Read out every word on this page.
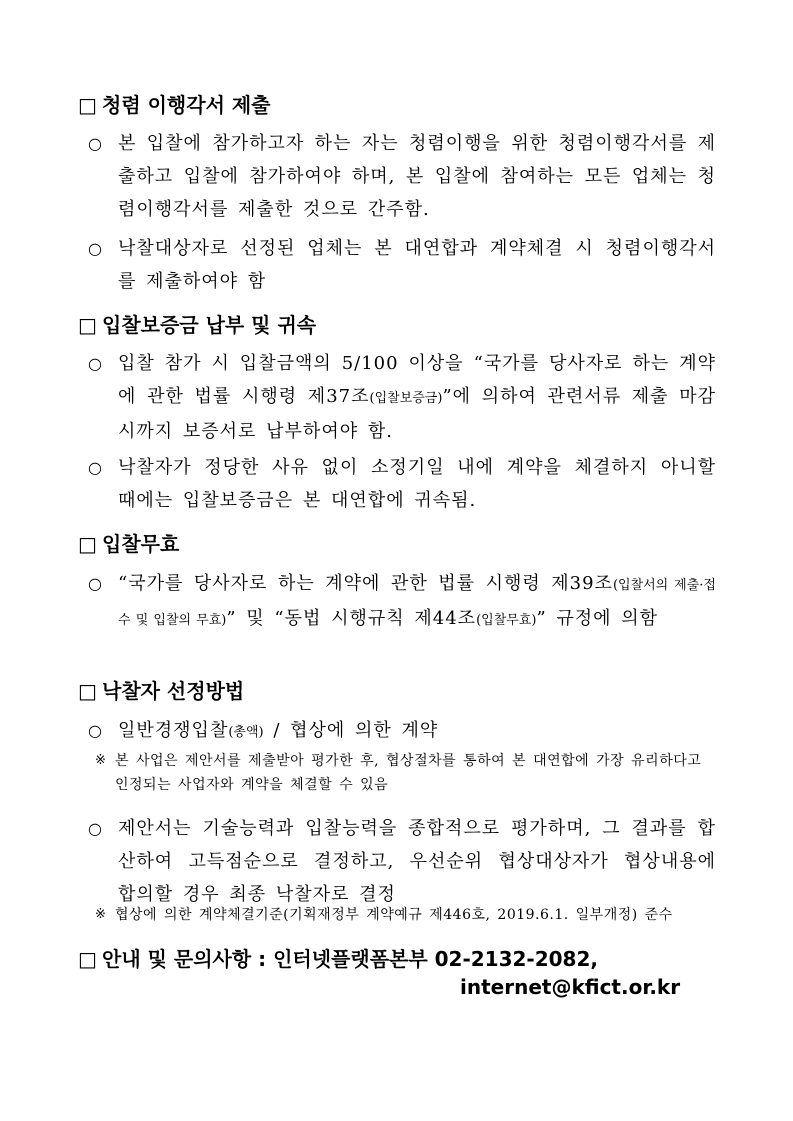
□ 청렴 이행각서 제출
○ 본 입찰에 참가하고자 하는 자는 청렴이행을 위한 청렴이행각서를 제출하고 입찰에 참가하여야 하며, 본 입찰에 참여하는 모든 업체는 청렴이행각서를 제출한 것으로 간주함.
○ 낙찰대상자로 선정된 업체는 본 대연합과 계약체결 시 청렴이행각서를 제출하여야 함
□ 입찰보증금 납부 및 귀속
○ 입찰 참가 시 입찰금액의 5/100 이상을 “국가를 당사자로 하는 계약에 관한 법률 시행령 제37조(입찰보증금)”에 의하여 관련서류 제출 마감 시까지 보증서로 납부하여야 함.
○ 낙찰자가 정당한 사유 없이 소정기일 내에 계약을 체결하지 아니할 때에는 입찰보증금은 본 대연합에 귀속됨.
□ 입찰무효
○ “국가를 당사자로 하는 계약에 관한 법률 시행령 제39조(입찰서의 제출·접수 및 입찰의 무효)” 및 “동법 시행규칙 제44조(입찰무효)” 규정에 의함
□ 낙찰자 선정방법
○ 일반경쟁입찰(총액) / 협상에 의한 계약
※ 본 사업은 제안서를 제출받아 평가한 후, 협상절차를 통하여 본 대연합에 가장 유리하다고 인정되는 사업자와 계약을 체결할 수 있음
○ 제안서는 기술능력과 입찰능력을 종합적으로 평가하며, 그 결과를 합산하여 고득점순으로 결정하고, 우선순위 협상대상자가 협상내용에 합의할 경우 최종 낙찰자로 결정
※ 협상에 의한 계약체결기준(기획재정부 계약예규 제446호, 2019.6.1. 일부개정) 준수
□ 안내 및 문의사항 : 인터넷플랫폼본부 02-2132-2082,
internet@kfict.or.kr
